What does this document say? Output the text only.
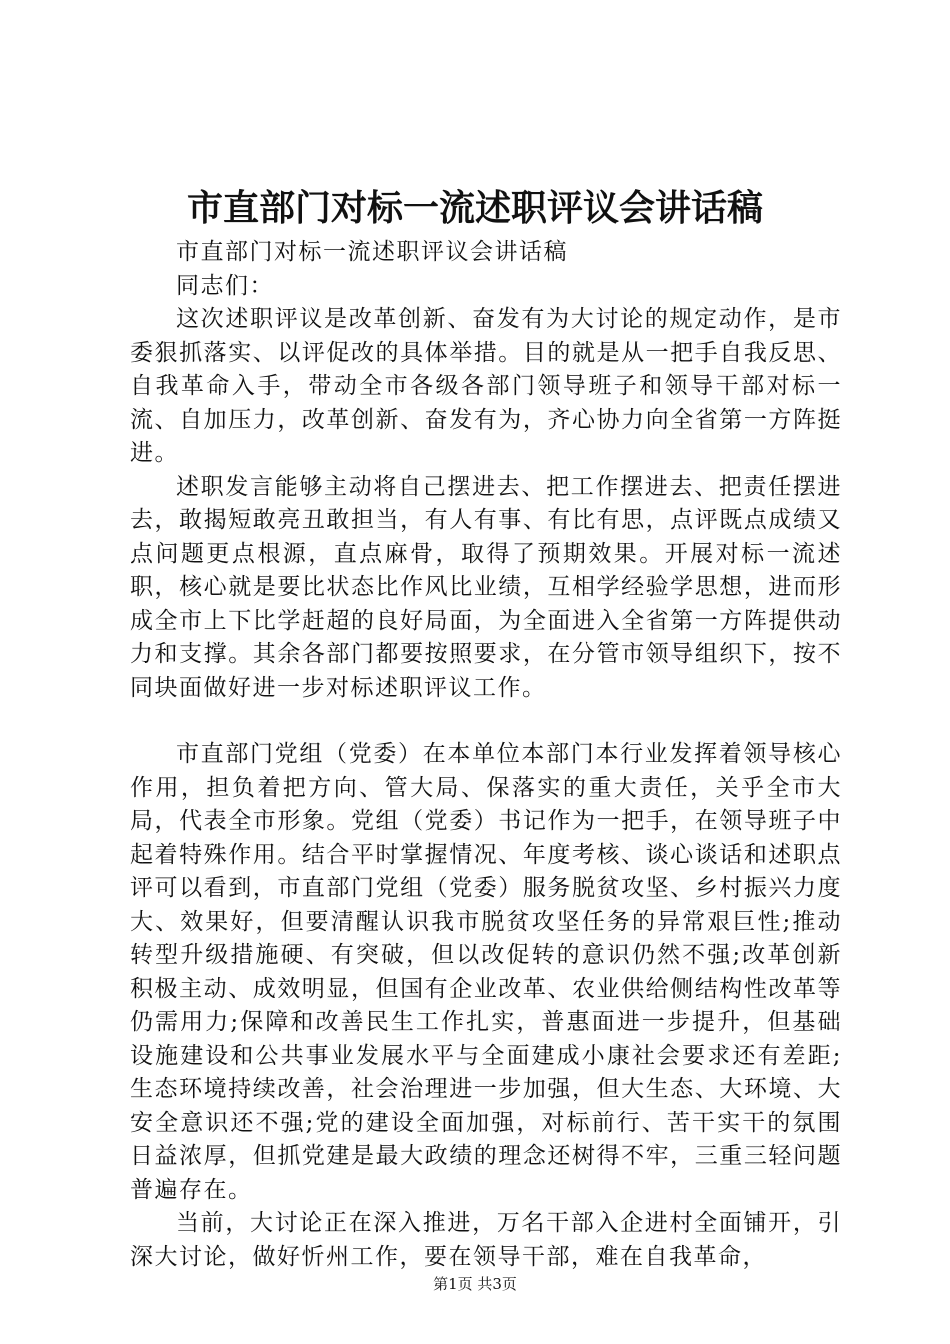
市直部门对标一流述职评议会讲话稿

市直部门对标一流述职评议会讲话稿

同志们：

这次述职评议是改革创新、奋发有为大讨论的规定动作，是市委狠抓落实、以评促改的具体举措。目的就是从一把手自我反思、自我革命入手，带动全市各级各部门领导班子和领导干部对标一流、自加压力，改革创新、奋发有为，齐心协力向全省第一方阵挺进。

述职发言能够主动将自己摆进去、把工作摆进去、把责任摆进去，敢揭短敢亮丑敢担当，有人有事、有比有思，点评既点成绩又点问题更点根源，直点麻骨，取得了预期效果。开展对标一流述职，核心就是要比状态比作风比业绩，互相学经验学思想，进而形成全市上下比学赶超的良好局面，为全面进入全省第一方阵提供动力和支撑。其余各部门都要按照要求，在分管市领导组织下，按不同块面做好进一步对标述职评议工作。

市直部门党组（党委）在本单位本部门本行业发挥着领导核心作用，担负着把方向、管大局、保落实的重大责任，关乎全市大局，代表全市形象。党组（党委）书记作为一把手，在领导班子中起着特殊作用。结合平时掌握情况、年度考核、谈心谈话和述职点评可以看到，市直部门党组（党委）服务脱贫攻坚、乡村振兴力度大、效果好，但要清醒认识我市脱贫攻坚任务的异常艰巨性;推动转型升级措施硬、有突破，但以改促转的意识仍然不强;改革创新积极主动、成效明显，但国有企业改革、农业供给侧结构性改革等仍需用力;保障和改善民生工作扎实，普惠面进一步提升，但基础设施建设和公共事业发展水平与全面建成小康社会要求还有差距;生态环境持续改善，社会治理进一步加强，但大生态、大环境、大安全意识还不强;党的建设全面加强，对标前行、苦干实干的氛围日益浓厚，但抓党建是最大政绩的理念还树得不牢，三重三轻问题普遍存在。

当前，大讨论正在深入推进，万名干部入企进村全面铺开，引深大讨论，做好忻州工作，要在领导干部，难在自我革命，

第1页 共3页
